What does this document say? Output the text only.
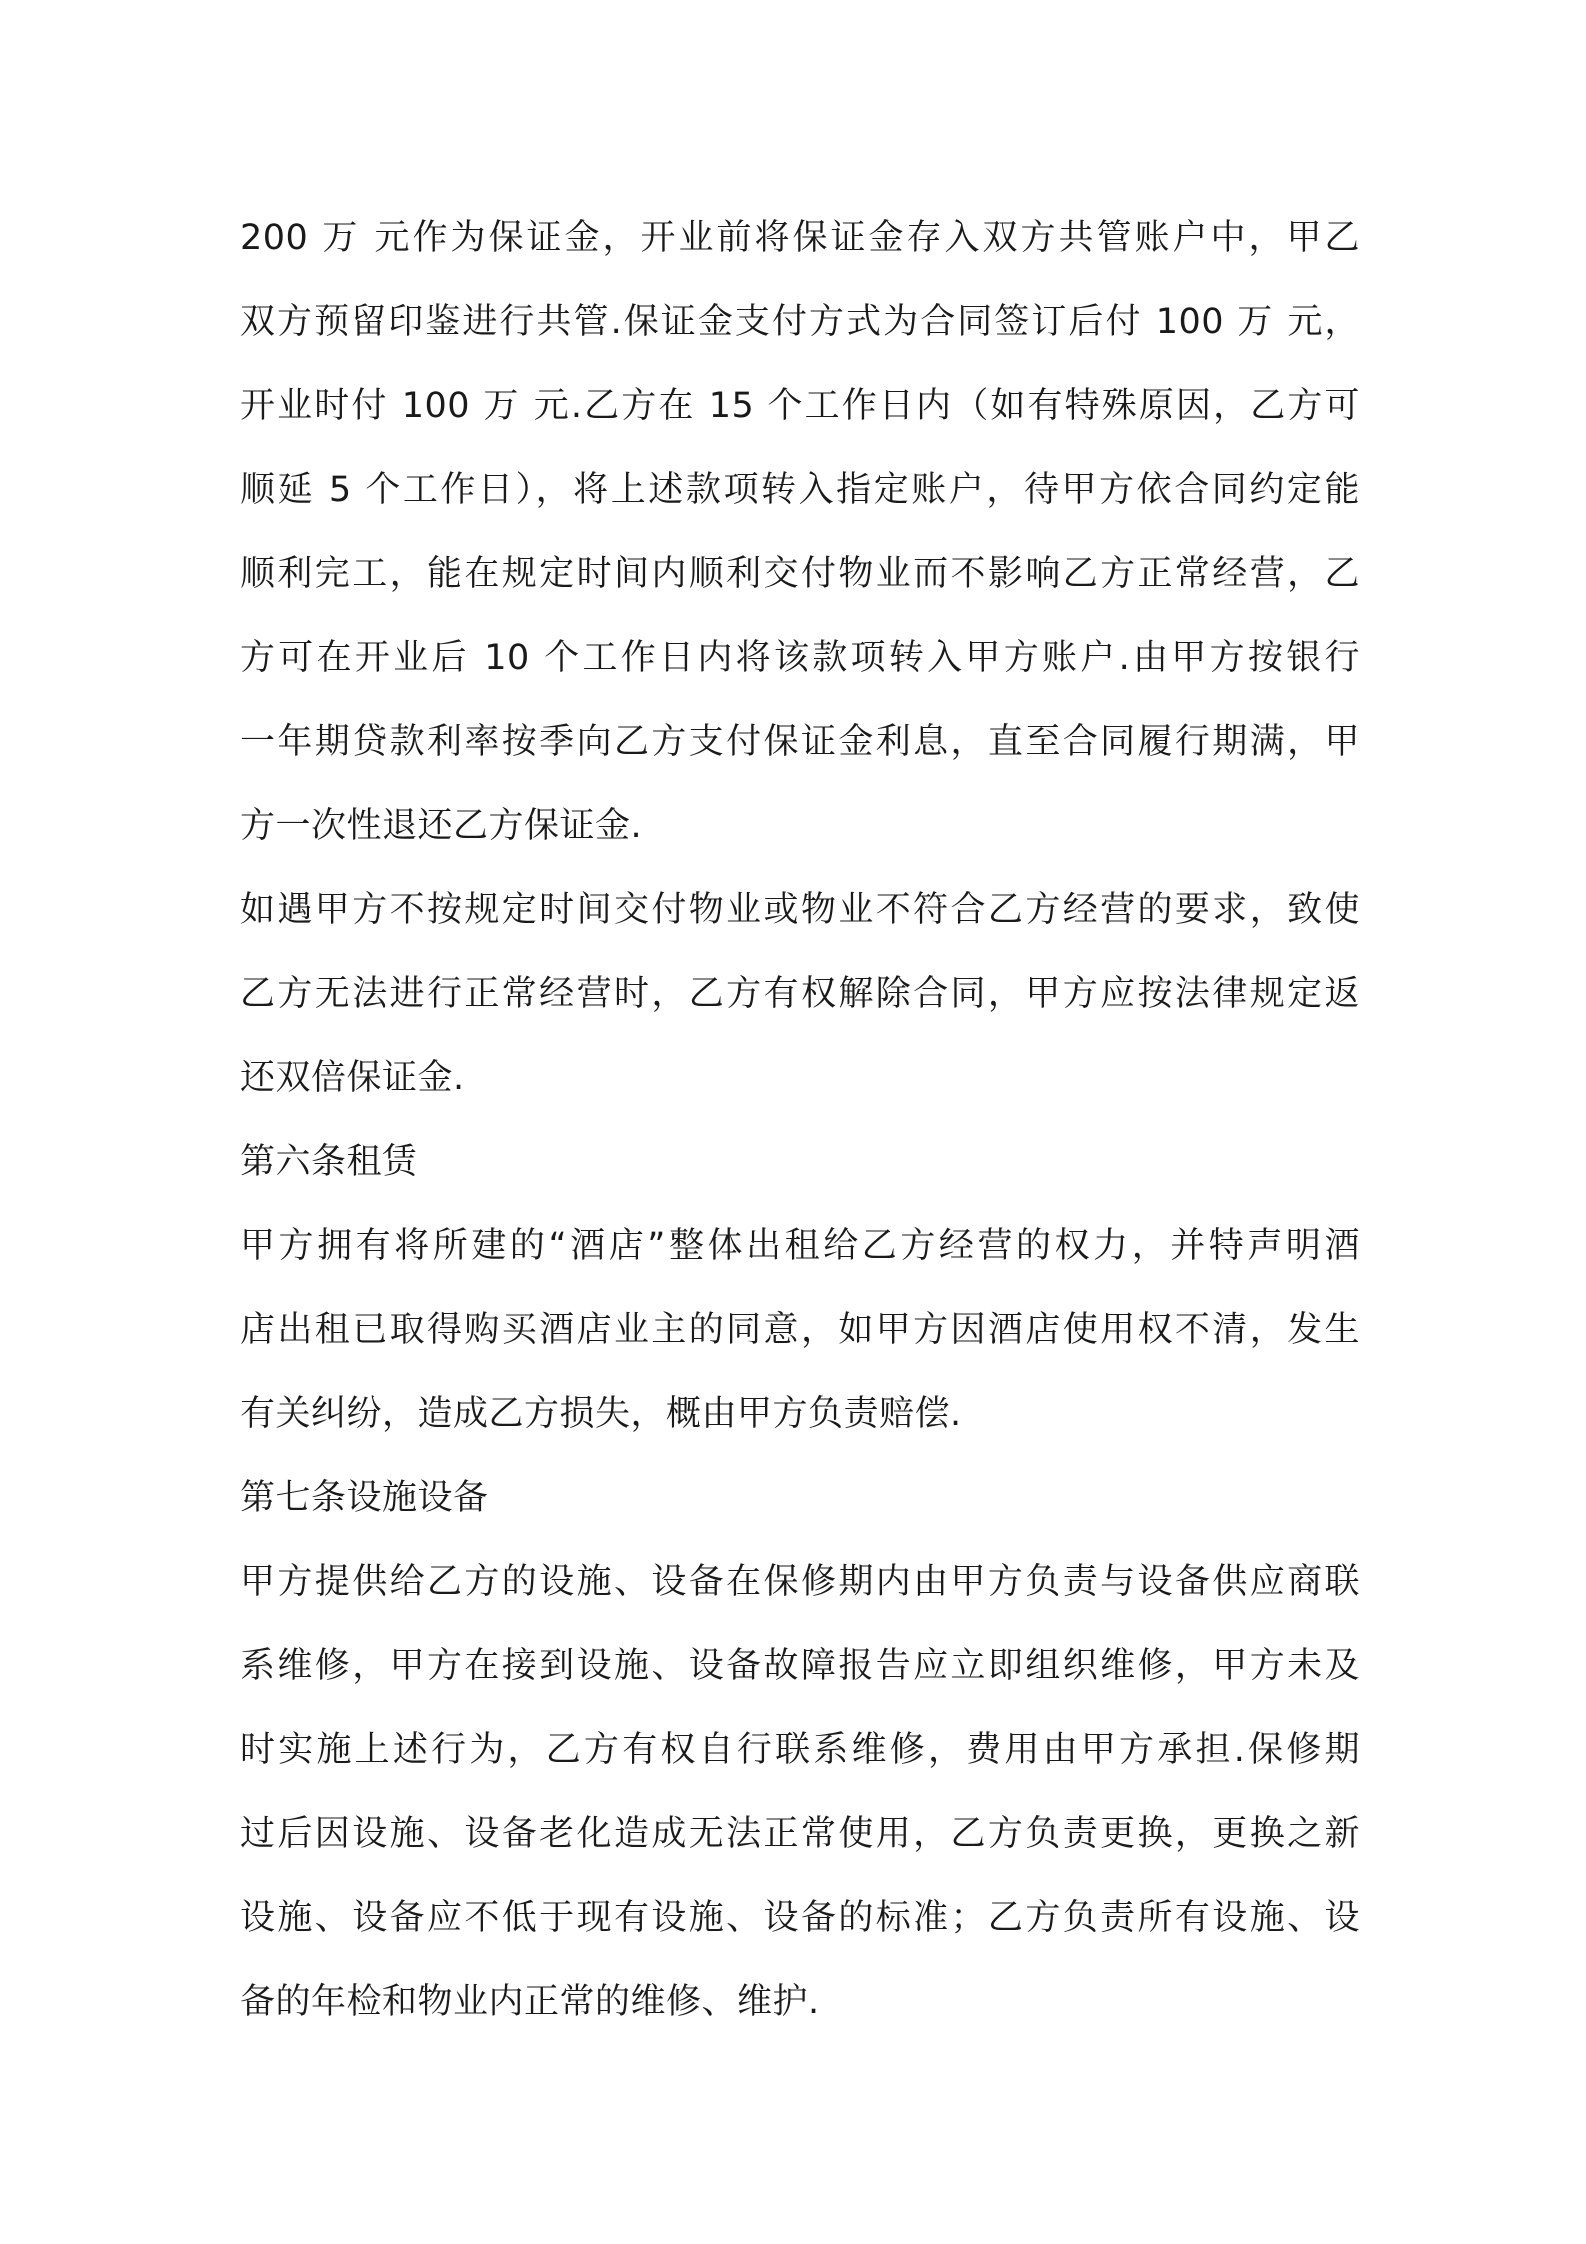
200 万 元作为保证金，开业前将保证金存入双方共管账户中，甲乙
双方预留印鉴进行共管.保证金支付方式为合同签订后付 100 万 元，
开业时付 100 万 元.乙方在 15 个工作日内（如有特殊原因，乙方可
顺延 5 个工作日），将上述款项转入指定账户，待甲方依合同约定能
顺利完工，能在规定时间内顺利交付物业而不影响乙方正常经营，乙
方可在开业后 10 个工作日内将该款项转入甲方账户.由甲方按银行
一年期贷款利率按季向乙方支付保证金利息，直至合同履行期满，甲
方一次性退还乙方保证金.
如遇甲方不按规定时间交付物业或物业不符合乙方经营的要求，致使
乙方无法进行正常经营时，乙方有权解除合同，甲方应按法律规定返
还双倍保证金.
第六条租赁
甲方拥有将所建的“酒店”整体出租给乙方经营的权力，并特声明酒
店出租已取得购买酒店业主的同意，如甲方因酒店使用权不清，发生
有关纠纷，造成乙方损失，概由甲方负责赔偿.
第七条设施设备
甲方提供给乙方的设施、设备在保修期内由甲方负责与设备供应商联
系维修，甲方在接到设施、设备故障报告应立即组织维修，甲方未及
时实施上述行为，乙方有权自行联系维修，费用由甲方承担.保修期
过后因设施、设备老化造成无法正常使用，乙方负责更换，更换之新
设施、设备应不低于现有设施、设备的标准；乙方负责所有设施、设
备的年检和物业内正常的维修、维护.
